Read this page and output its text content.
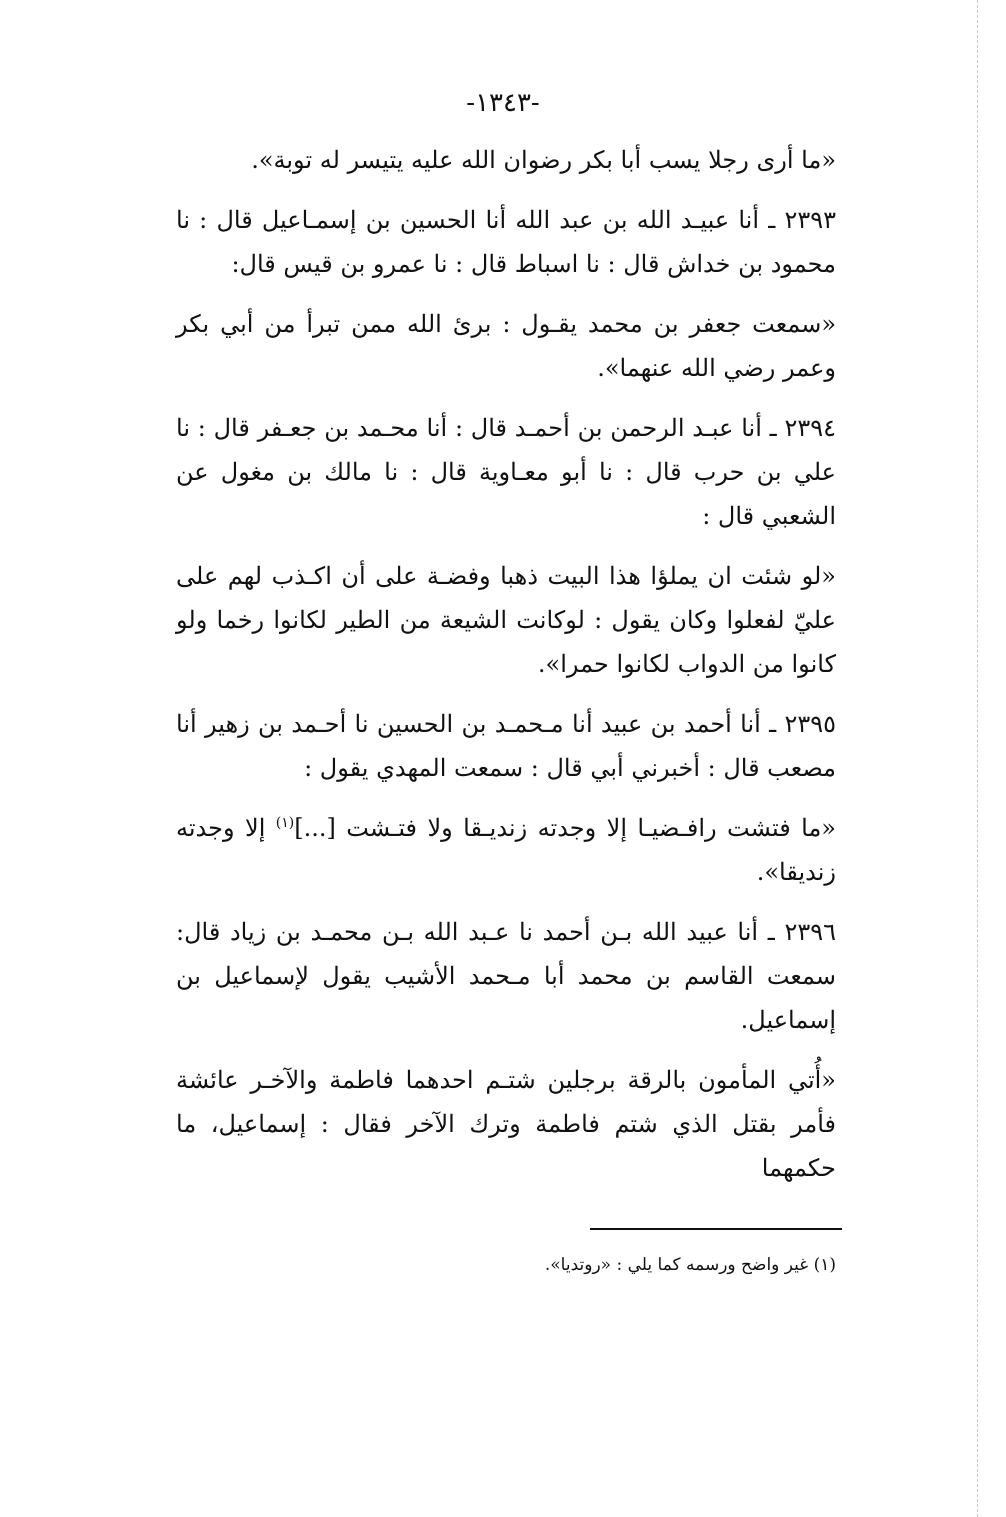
-١٣٤٣-

«ما أرى رجلا يسب أبا بكر رضوان الله عليه يتيسر له توبة».

٢٣٩٣ ـ أنا عبيـد الله بن عبد الله أنا الحسين بن إسمـاعيل قال : نا محمود بن خداش قال : نا اسباط قال : نا عمرو بن قيس قال:

«سمعت جعفر بن محمد يقـول : برئ الله ممن تبرأ من أبي بكر وعمر رضي الله عنهما».

٢٣٩٤ ـ أنا عبـد الرحمن بن أحمـد قال : أنا محـمد بن جعـفر قال : نا علي بن حرب قال : نا أبو معـاوية قال : نا مالك بن مغول عن الشعبي قال :

«لو شئت ان يملؤا هذا البيت ذهبا وفضـة على أن اكـذب لهم على عليّ لفعلوا وكان يقول : لوكانت الشيعة من الطير لكانوا رخما ولو كانوا من الدواب لكانوا حمرا».

٢٣٩٥ ـ أنا أحمد بن عبيد أنا مـحمـد بن الحسين نا أحـمد بن زهير أنا مصعب قال : أخبرني أبي قال : سمعت المهدي يقول :

«ما فتشت رافـضيـا إلا وجدته زنديـقا ولا فتـشت [...]$^{(١)}$ إلا وجدته زنديقا».

٢٣٩٦ ـ أنا عبيد الله بـن أحمد نا عـبد الله بـن محمـد بن زياد قال: سمعت القاسم بن محمد أبا مـحمد الأشيب يقول لإسماعيل بن إسماعيل.

«أُتي المأمون بالرقة برجلين شتـم احدهما فاطمة والآخـر عائشة فأمر بقتل الذي شتم فاطمة وترك الآخر فقال : إسماعيل، ما حكمهما

(١) غير واضح ورسمه كما يلي : «روتديا».
